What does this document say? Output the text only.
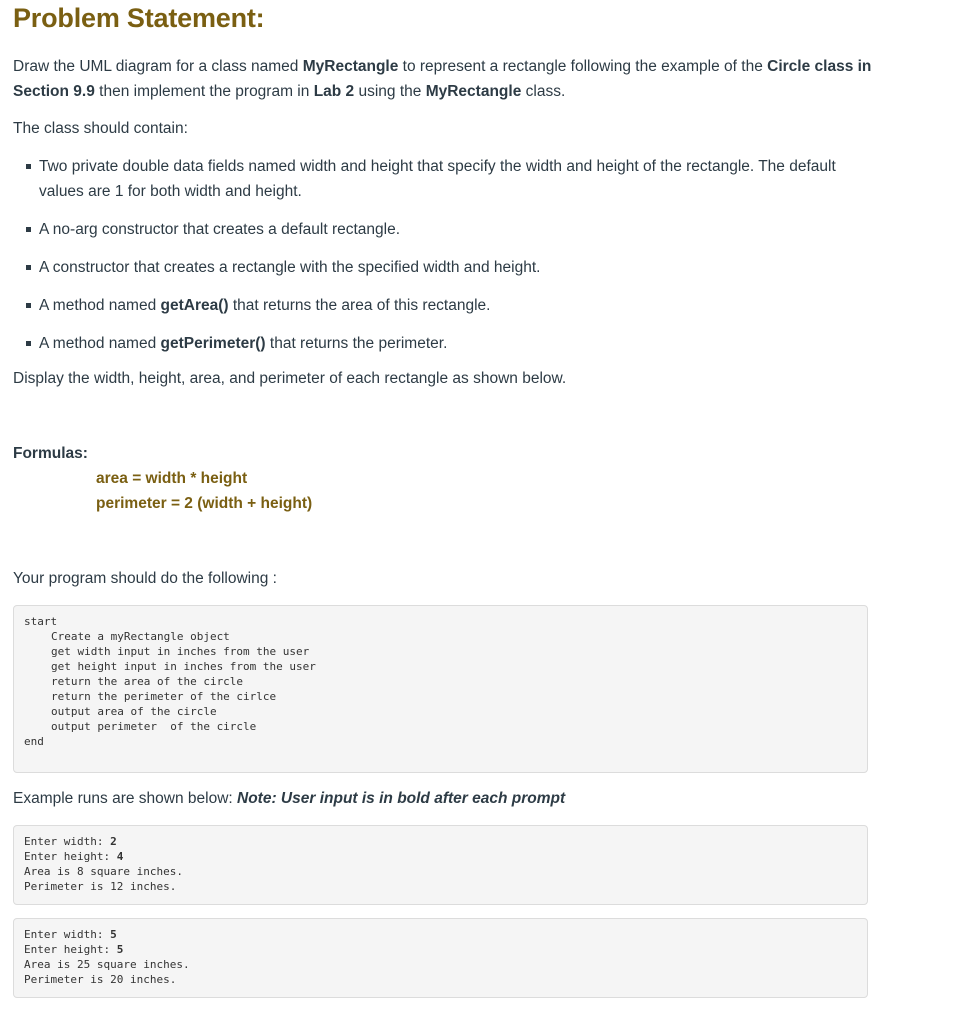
Problem Statement:

Draw the UML diagram for a class named MyRectangle to represent a rectangle following the example of the Circle class in Section 9.9 then implement the program in Lab 2 using the MyRectangle class.

The class should contain:

Two private double data fields named width and height that specify the width and height of the rectangle. The default values are 1 for both width and height.
A no-arg constructor that creates a default rectangle.
A constructor that creates a rectangle with the specified width and height.
A method named getArea() that returns the area of this rectangle.
A method named getPerimeter() that returns the perimeter.

Display the width, height, area, and perimeter of each rectangle as shown below.

Formulas:
area = width * height
perimeter = 2 (width + height)

Your program should do the following :

start
Create a myRectangle object
get width input in inches from the user
get height input in inches from the user
return the area of the circle
return the perimeter of the cirlce
output area of the circle
output perimeter  of the circle
end

Example runs are shown below: Note: User input is in bold after each prompt

Enter width: 2
Enter height: 4
Area is 8 square inches.
Perimeter is 12 inches.
Enter width: 5
Enter height: 5
Area is 25 square inches.
Perimeter is 20 inches.
